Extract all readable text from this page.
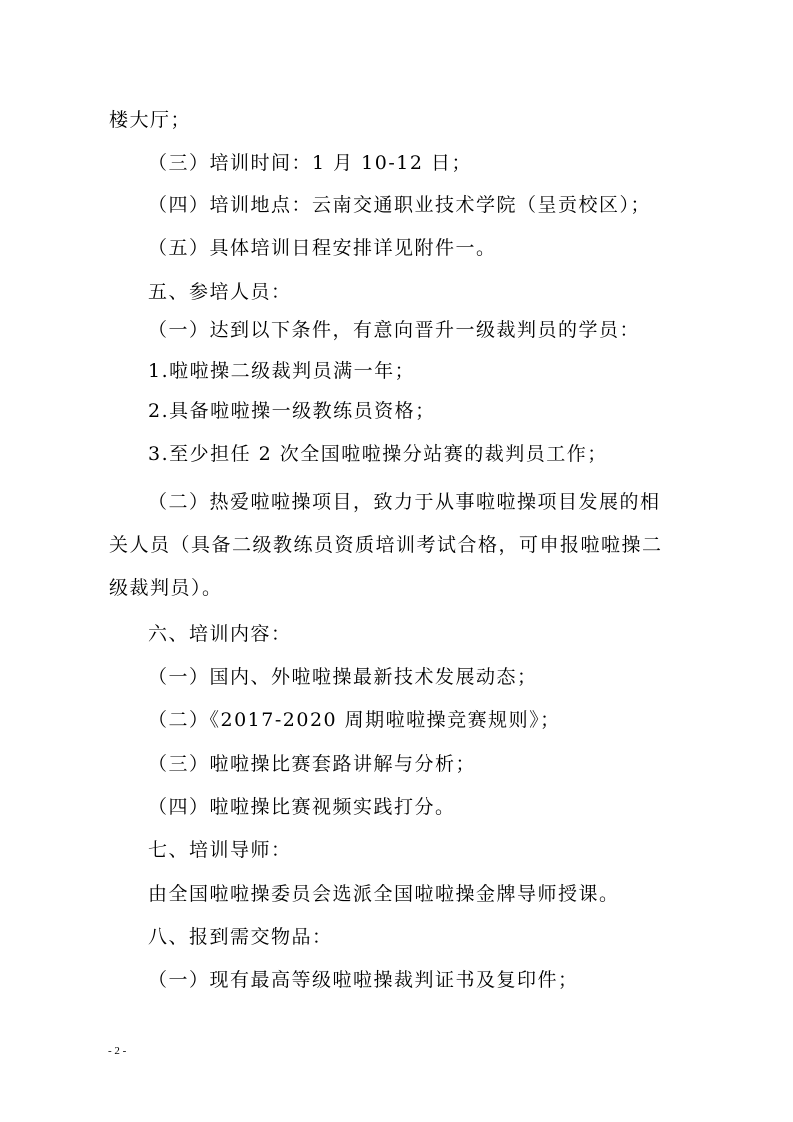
楼大厅；
（三）培训时间：1 月 10-12 日；
（四）培训地点：云南交通职业技术学院（呈贡校区）；
（五）具体培训日程安排详见附件一。
五、参培人员：
（一）达到以下条件，有意向晋升一级裁判员的学员：
1.啦啦操二级裁判员满一年；
2.具备啦啦操一级教练员资格；
3.至少担任 2 次全国啦啦操分站赛的裁判员工作；
（二）热爱啦啦操项目，致力于从事啦啦操项目发展的相
关人员（具备二级教练员资质培训考试合格，可申报啦啦操二
级裁判员）。
六、培训内容：
（一）国内、外啦啦操最新技术发展动态；
（二）《2017-2020 周期啦啦操竞赛规则》；
（三）啦啦操比赛套路讲解与分析；
（四）啦啦操比赛视频实践打分。
七、培训导师：
由全国啦啦操委员会选派全国啦啦操金牌导师授课。
八、报到需交物品：
（一）现有最高等级啦啦操裁判证书及复印件；
- 2 -
